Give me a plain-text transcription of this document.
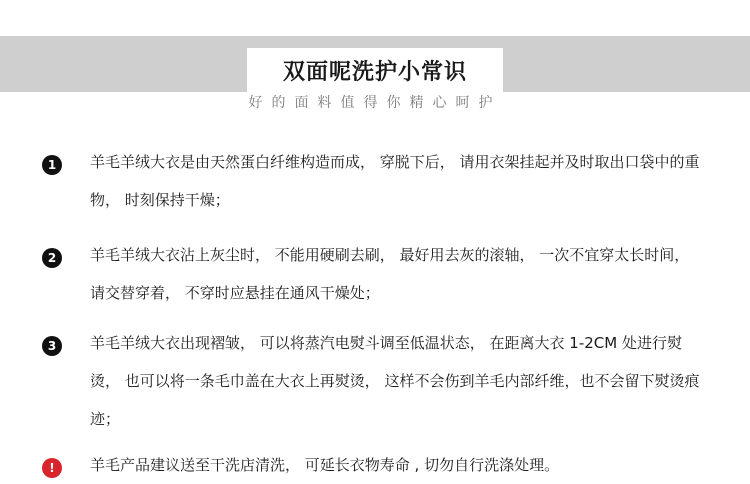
双面呢洗护小常识
好的面料值得你精心呵护
1	羊毛羊绒大衣是由天然蛋白纤维构造而成， 穿脱下后， 请用衣架挂起并及时取出口袋中的重物， 时刻保持干燥；
2	羊毛羊绒大衣沾上灰尘时， 不能用硬刷去刷， 最好用去灰的滚轴， 一次不宜穿太长时间， 请交替穿着， 不穿时应悬挂在通风干燥处；
3	羊毛羊绒大衣出现褶皱， 可以将蒸汽电熨斗调至低温状态， 在距离大衣 1-2CM 处进行熨烫， 也可以将一条毛巾盖在大衣上再熨烫， 这样不会伤到羊毛内部纤维，也不会留下熨烫痕迹；
!	羊毛产品建议送至干洗店清洗， 可延长衣物寿命 , 切勿自行洗涤处理。
